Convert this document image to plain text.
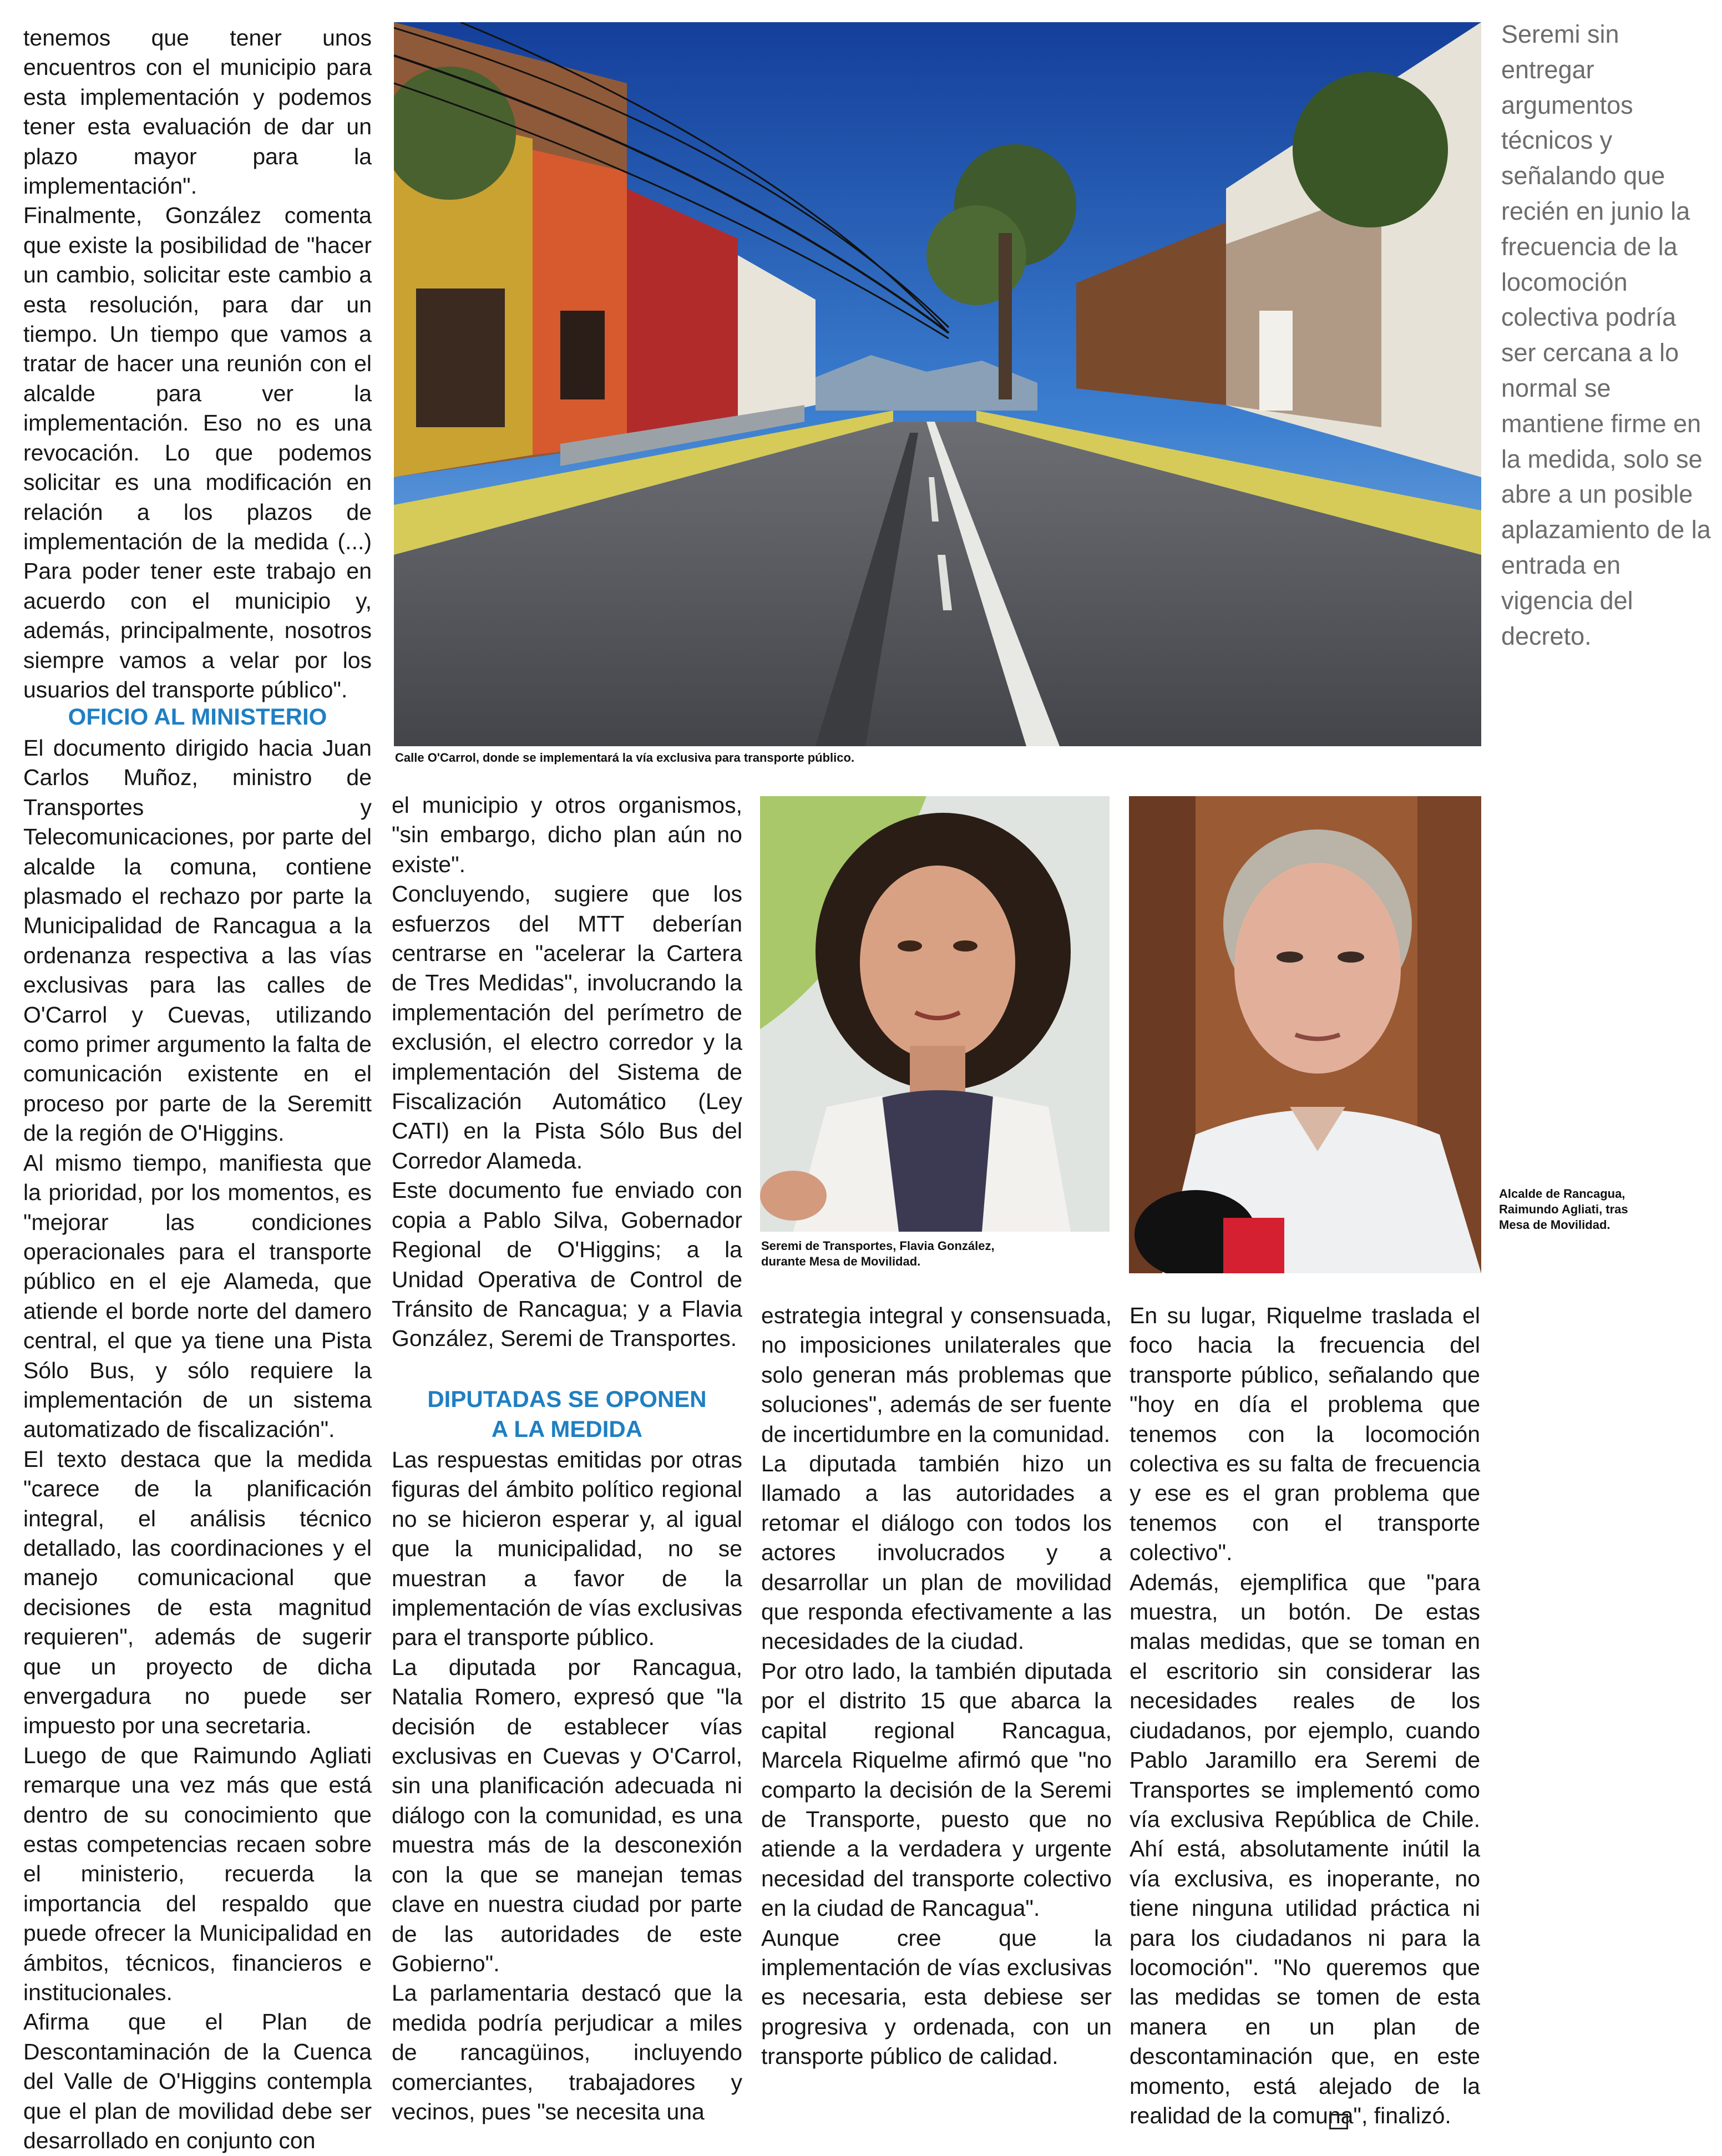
tenemos que tener unos encuentros con el municipio para esta implementación y podemos tener esta evaluación de dar un plazo mayor para la implementación".

Finalmente, González comenta que existe la posibilidad de "hacer un cambio, solicitar este cambio a esta resolución, para dar un tiempo. Un tiempo que vamos a tratar de hacer una reunión con el alcalde para ver la implementación. Eso no es una revocación. Lo que podemos solicitar es una modificación en relación a los plazos de implementación de la medida (...) Para poder tener este trabajo en acuerdo con el municipio y, además, principalmente, nosotros siempre vamos a velar por los usuarios del transporte público".

OFICIO AL MINISTERIO

El documento dirigido hacia Juan Carlos Muñoz, ministro de Transportes y Telecomunicaciones, por parte del alcalde la comuna, contiene plasmado el rechazo por parte la Municipalidad de Rancagua a la ordenanza respectiva a las vías exclusivas para las calles de O'Carrol y Cuevas, utilizando como primer argumento la falta de comunicación existente en el proceso por parte de la Seremitt de la región de O'Higgins.

Al mismo tiempo, manifiesta que la prioridad, por los momentos, es "mejorar las condiciones operacionales para el transporte público en el eje Alameda, que atiende el borde norte del damero central, el que ya tiene una Pista Sólo Bus, y sólo requiere la implementación de un sistema automatizado de fiscalización".

El texto destaca que la medida "carece de la planificación integral, el análisis técnico detallado, las coordinaciones y el manejo comunicacional que decisiones de esta magnitud requieren", además de sugerir que un proyecto de dicha envergadura no puede ser impuesto por una secretaria.

Luego de que Raimundo Agliati remarque una vez más que está dentro de su conocimiento que estas competencias recaen sobre el ministerio, recuerda la importancia del respaldo que puede ofrecer la Municipalidad en ámbitos, técnicos, financieros e institucionales.

Afirma que el Plan de Descontaminación de la Cuenca del Valle de O'Higgins contempla que el plan de movilidad debe ser desarrollado en conjunto con

Calle O'Carrol, donde se implementará la vía exclusiva para transporte público.
Seremi sin entregar argumentos técnicos y señalando que recién en junio la frecuencia de la locomoción colectiva podría ser cercana a lo normal se mantiene firme en la medida, solo se abre a un posible aplazamiento de la entrada en vigencia del decreto.

el municipio y otros organismos, "sin embargo, dicho plan aún no existe".

Concluyendo, sugiere que los esfuerzos del MTT deberían centrarse en "acelerar la Cartera de Tres Medidas", involucrando la implementación del perímetro de exclusión, el electro corredor y la implementación del Sistema de Fiscalización Automático (Ley CATI) en la Pista Sólo Bus del Corredor Alameda.

Este documento fue enviado con copia a Pablo Silva, Gobernador Regional de O'Higgins; a la Unidad Operativa de Control de Tránsito de Rancagua; y a Flavia González, Seremi de Transportes.

DIPUTADAS SE OPONEN
A LA MEDIDA

Las respuestas emitidas por otras figuras del ámbito político regional no se hicieron esperar y, al igual que la municipalidad, no se muestran a favor de la implementación de vías exclusivas para el transporte público.

La diputada por Rancagua, Natalia Romero, expresó que "la decisión de establecer vías exclusivas en Cuevas y O'Carrol, sin una planificación adecuada ni diálogo con la comunidad, es una muestra más de la desconexión con la que se manejan temas clave en nuestra ciudad por parte de las autoridades de este Gobierno".

La parlamentaria destacó que la medida podría perjudicar a miles de rancagüinos, incluyendo comerciantes, trabajadores y vecinos, pues "se necesita una

Seremi de Transportes, Flavia González,
durante Mesa de Movilidad.

estrategia integral y consensuada, no imposiciones unilaterales que solo generan más problemas que soluciones", además de ser fuente de incertidumbre en la comunidad.

La diputada también hizo un llamado a las autoridades a retomar el diálogo con todos los actores involucrados y a desarrollar un plan de movilidad que responda efectivamente a las necesidades de la ciudad.

Por otro lado, la también diputada por el distrito 15 que abarca la capital regional Rancagua, Marcela Riquelme afirmó que "no comparto la decisión de la Seremi de Transporte, puesto que no atiende a la verdadera y urgente necesidad del transporte colectivo en la ciudad de Rancagua".

Aunque cree que la implementación de vías exclusivas es necesaria, esta debiese ser progresiva y ordenada, con un transporte público de calidad.

Alcalde de Rancagua, Raimundo Agliati, tras Mesa de Movilidad.

En su lugar, Riquelme traslada el foco hacia la frecuencia del transporte público, señalando que "hoy en día el problema que tenemos con la locomoción colectiva es su falta de frecuencia y ese es el gran problema que tenemos con el transporte colectivo".

Además, ejemplifica que "para muestra, un botón. De estas malas medidas, que se toman en el escritorio sin considerar las necesidades reales de los ciudadanos, por ejemplo, cuando Pablo Jaramillo era Seremi de Transportes se implementó como vía exclusiva República de Chile. Ahí está, absolutamente inútil la vía exclusiva, es inoperante, no tiene ninguna utilidad práctica ni para los ciudadanos ni para la locomoción". "No queremos que las medidas se tomen de esta manera en un plan de descontaminación que, en este momento, está alejado de la realidad de la comuna", finalizó.
